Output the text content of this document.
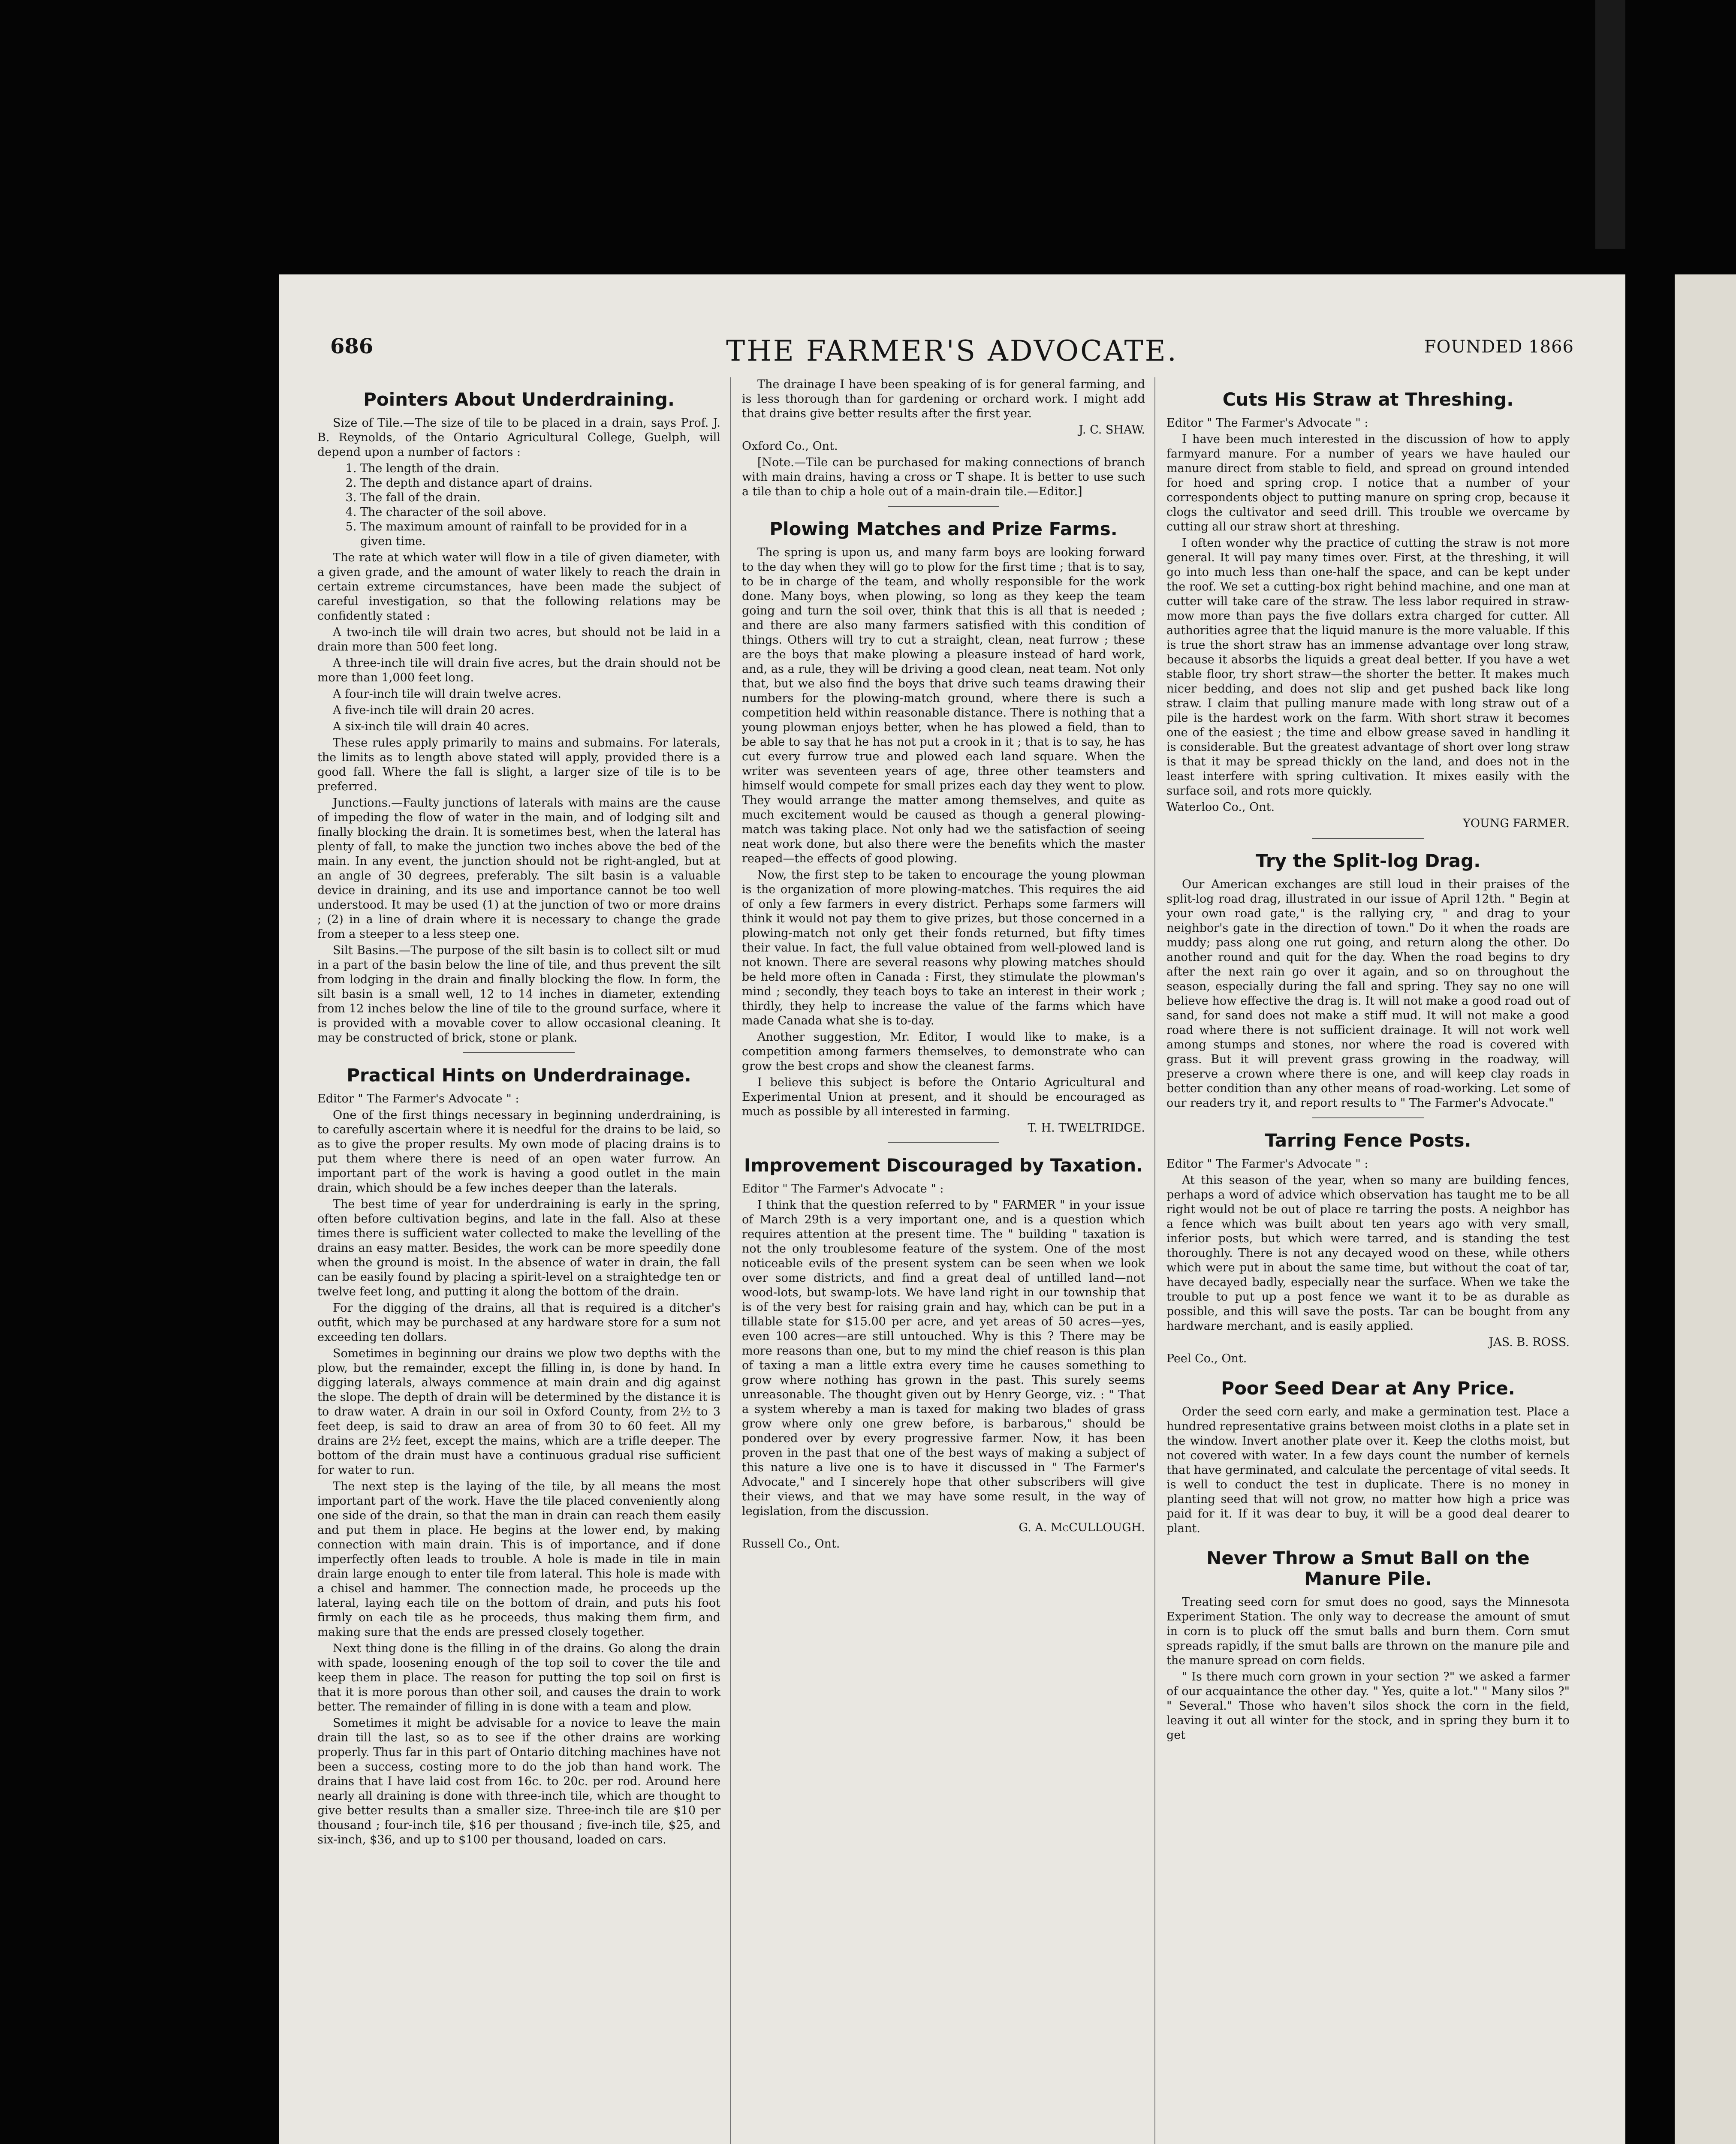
686	THE FARMER'S ADVOCATE.	FOUNDED 1866
Pointers About Underdraining.

Size of Tile.—The size of tile to be placed in a drain, says Prof. J. B. Reynolds, of the Ontario Agricultural College, Guelph, will depend upon a number of factors :

1. The length of the drain.
2. The depth and distance apart of drains.
3. The fall of the drain.
4. The character of the soil above.
5. The maximum amount of rainfall to be provided for in a given time.

The rate at which water will flow in a tile of given diameter, with a given grade, and the amount of water likely to reach the drain in certain extreme circumstances, have been made the subject of careful investigation, so that the following relations may be confidently stated :

A two-inch tile will drain two acres, but should not be laid in a drain more than 500 feet long.

A three-inch tile will drain five acres, but the drain should not be more than 1,000 feet long.

A four-inch tile will drain twelve acres.

A five-inch tile will drain 20 acres.

A six-inch tile will drain 40 acres.

These rules apply primarily to mains and submains. For laterals, the limits as to length above stated will apply, provided there is a good fall. Where the fall is slight, a larger size of tile is to be preferred.

Junctions.—Faulty junctions of laterals with mains are the cause of impeding the flow of water in the main, and of lodging silt and finally blocking the drain. It is sometimes best, when the lateral has plenty of fall, to make the junction two inches above the bed of the main. In any event, the junction should not be right-angled, but at an angle of 30 degrees, preferably. The silt basin is a valuable device in draining, and its use and importance cannot be too well understood. It may be used (1) at the junction of two or more drains ; (2) in a line of drain where it is necessary to change the grade from a steeper to a less steep one.

Silt Basins.—The purpose of the silt basin is to collect silt or mud in a part of the basin below the line of tile, and thus prevent the silt from lodging in the drain and finally blocking the flow. In form, the silt basin is a small well, 12 to 14 inches in diameter, extending from 12 inches below the line of tile to the ground surface, where it is provided with a movable cover to allow occasional cleaning. It may be constructed of brick, stone or plank.

Practical Hints on Underdrainage.

Editor " The Farmer's Advocate " :

One of the first things necessary in beginning underdraining, is to carefully ascertain where it is needful for the drains to be laid, so as to give the proper results. My own mode of placing drains is to put them where there is need of an open water furrow. An important part of the work is having a good outlet in the main drain, which should be a few inches deeper than the laterals.

The best time of year for underdraining is early in the spring, often before cultivation begins, and late in the fall. Also at these times there is sufficient water collected to make the levelling of the drains an easy matter. Besides, the work can be more speedily done when the ground is moist. In the absence of water in drain, the fall can be easily found by placing a spirit-level on a straightedge ten or twelve feet long, and putting it along the bottom of the drain.

For the digging of the drains, all that is required is a ditcher's outfit, which may be purchased at any hardware store for a sum not exceeding ten dollars.

Sometimes in beginning our drains we plow two depths with the plow, but the remainder, except the filling in, is done by hand. In digging laterals, always commence at main drain and dig against the slope. The depth of drain will be determined by the distance it is to draw water. A drain in our soil in Oxford County, from 2½ to 3 feet deep, is said to draw an area of from 30 to 60 feet. All my drains are 2½ feet, except the mains, which are a trifle deeper. The bottom of the drain must have a continuous gradual rise sufficient for water to run.

The next step is the laying of the tile, by all means the most important part of the work. Have the tile placed conveniently along one side of the drain, so that the man in drain can reach them easily and put them in place. He begins at the lower end, by making connection with main drain. This is of importance, and if done imperfectly often leads to trouble. A hole is made in tile in main drain large enough to enter tile from lateral. This hole is made with a chisel and hammer. The connection made, he proceeds up the lateral, laying each tile on the bottom of drain, and puts his foot firmly on each tile as he proceeds, thus making them firm, and making sure that the ends are pressed closely together.

Next thing done is the filling in of the drains. Go along the drain with spade, loosening enough of the top soil to cover the tile and keep them in place. The reason for putting the top soil on first is that it is more porous than other soil, and causes the drain to work better. The remainder of filling in is done with a team and plow.

Sometimes it might be advisable for a novice to leave the main drain till the last, so as to see if the other drains are working properly. Thus far in this part of Ontario ditching machines have not been a success, costing more to do the job than hand work. The drains that I have laid cost from 16c. to 20c. per rod. Around here nearly all draining is done with three-inch tile, which are thought to give better results than a smaller size. Three-inch tile are $10 per thousand ; four-inch tile, $16 per thousand ; five-inch tile, $25, and six-inch, $36, and up to $100 per thousand, loaded on cars.

The drainage I have been speaking of is for general farming, and is less thorough than for gardening or orchard work. I might add that drains give better results after the first year.

J. C. SHAW.

Oxford Co., Ont.

[Note.—Tile can be purchased for making connections of branch with main drains, having a cross or T shape. It is better to use such a tile than to chip a hole out of a main-drain tile.—Editor.]

Plowing Matches and Prize Farms.

The spring is upon us, and many farm boys are looking forward to the day when they will go to plow for the first time ; that is to say, to be in charge of the team, and wholly responsible for the work done. Many boys, when plowing, so long as they keep the team going and turn the soil over, think that this is all that is needed ; and there are also many farmers satisfied with this condition of things. Others will try to cut a straight, clean, neat furrow ; these are the boys that make plowing a pleasure instead of hard work, and, as a rule, they will be driving a good clean, neat team. Not only that, but we also find the boys that drive such teams drawing their numbers for the plowing-match ground, where there is such a competition held within reasonable distance. There is nothing that a young plowman enjoys better, when he has plowed a field, than to be able to say that he has not put a crook in it ; that is to say, he has cut every furrow true and plowed each land square. When the writer was seventeen years of age, three other teamsters and himself would compete for small prizes each day they went to plow. They would arrange the matter among themselves, and quite as much excitement would be caused as though a general plowing-match was taking place. Not only had we the satisfaction of seeing neat work done, but also there were the benefits which the master reaped—the effects of good plowing.

Now, the first step to be taken to encourage the young plowman is the organization of more plowing-matches. This requires the aid of only a few farmers in every district. Perhaps some farmers will think it would not pay them to give prizes, but those concerned in a plowing-match not only get their fonds returned, but fifty times their value. In fact, the full value obtained from well-plowed land is not known. There are several reasons why plowing matches should be held more often in Canada : First, they stimulate the plowman's mind ; secondly, they teach boys to take an interest in their work ; thirdly, they help to increase the value of the farms which have made Canada what she is to-day.

Another suggestion, Mr. Editor, I would like to make, is a competition among farmers themselves, to demonstrate who can grow the best crops and show the cleanest farms.

I believe this subject is before the Ontario Agricultural and Experimental Union at present, and it should be encouraged as much as possible by all interested in farming.

T. H. TWELTRIDGE.

Improvement Discouraged by Taxation.

Editor " The Farmer's Advocate " :

I think that the question referred to by " FARMER " in your issue of March 29th is a very important one, and is a question which requires attention at the present time. The " building " taxation is not the only troublesome feature of the system. One of the most noticeable evils of the present system can be seen when we look over some districts, and find a great deal of untilled land—not wood-lots, but swamp-lots. We have land right in our township that is of the very best for raising grain and hay, which can be put in a tillable state for $15.00 per acre, and yet areas of 50 acres—yes, even 100 acres—are still untouched. Why is this ? There may be more reasons than one, but to my mind the chief reason is this plan of taxing a man a little extra every time he causes something to grow where nothing has grown in the past. This surely seems unreasonable. The thought given out by Henry George, viz. : " That a system whereby a man is taxed for making two blades of grass grow where only one grew before, is barbarous," should be pondered over by every progressive farmer. Now, it has been proven in the past that one of the best ways of making a subject of this nature a live one is to have it discussed in " The Farmer's Advocate," and I sincerely hope that other subscribers will give their views, and that we may have some result, in the way of legislation, from the discussion.

G. A. McCULLOUGH.

Russell Co., Ont.

Cuts His Straw at Threshing.

Editor " The Farmer's Advocate " :

I have been much interested in the discussion of how to apply farmyard manure. For a number of years we have hauled our manure direct from stable to field, and spread on ground intended for hoed and spring crop. I notice that a number of your correspondents object to putting manure on spring crop, because it clogs the cultivator and seed drill. This trouble we overcame by cutting all our straw short at threshing.

I often wonder why the practice of cutting the straw is not more general. It will pay many times over. First, at the threshing, it will go into much less than one-half the space, and can be kept under the roof. We set a cutting-box right behind machine, and one man at cutter will take care of the straw. The less labor required in straw-mow more than pays the five dollars extra charged for cutter. All authorities agree that the liquid manure is the more valuable. If this is true the short straw has an immense advantage over long straw, because it absorbs the liquids a great deal better. If you have a wet stable floor, try short straw—the shorter the better. It makes much nicer bedding, and does not slip and get pushed back like long straw. I claim that pulling manure made with long straw out of a pile is the hardest work on the farm. With short straw it becomes one of the easiest ; the time and elbow grease saved in handling it is considerable. But the greatest advantage of short over long straw is that it may be spread thickly on the land, and does not in the least interfere with spring cultivation. It mixes easily with the surface soil, and rots more quickly.

Waterloo Co., Ont.

YOUNG FARMER.

Try the Split-log Drag.

Our American exchanges are still loud in their praises of the split-log road drag, illustrated in our issue of April 12th. " Begin at your own road gate," is the rallying cry, " and drag to your neighbor's gate in the direction of town." Do it when the roads are muddy; pass along one rut going, and return along the other. Do another round and quit for the day. When the road begins to dry after the next rain go over it again, and so on throughout the season, especially during the fall and spring. They say no one will believe how effective the drag is. It will not make a good road out of sand, for sand does not make a stiff mud. It will not make a good road where there is not sufficient drainage. It will not work well among stumps and stones, nor where the road is covered with grass. But it will prevent grass growing in the roadway, will preserve a crown where there is one, and will keep clay roads in better condition than any other means of road-working. Let some of our readers try it, and report results to " The Farmer's Advocate."

Tarring Fence Posts.

Editor " The Farmer's Advocate " :

At this season of the year, when so many are building fences, perhaps a word of advice which observation has taught me to be all right would not be out of place re tarring the posts. A neighbor has a fence which was built about ten years ago with very small, inferior posts, but which were tarred, and is standing the test thoroughly. There is not any decayed wood on these, while others which were put in about the same time, but without the coat of tar, have decayed badly, especially near the surface. When we take the trouble to put up a post fence we want it to be as durable as possible, and this will save the posts. Tar can be bought from any hardware merchant, and is easily applied.

JAS. B. ROSS.

Peel Co., Ont.

Poor Seed Dear at Any Price.

Order the seed corn early, and make a germination test. Place a hundred representative grains between moist cloths in a plate set in the window. Invert another plate over it. Keep the cloths moist, but not covered with water. In a few days count the number of kernels that have germinated, and calculate the percentage of vital seeds. It is well to conduct the test in duplicate. There is no money in planting seed that will not grow, no matter how high a price was paid for it. If it was dear to buy, it will be a good deal dearer to plant.

Never Throw a Smut Ball on the Manure Pile.

Treating seed corn for smut does no good, says the Minnesota Experiment Station. The only way to decrease the amount of smut in corn is to pluck off the smut balls and burn them. Corn smut spreads rapidly, if the smut balls are thrown on the manure pile and the manure spread on corn fields.

" Is there much corn grown in your section ?" we asked a farmer of our acquaintance the other day. " Yes, quite a lot." " Many silos ?" " Several." Those who haven't silos shock the corn in the field, leaving it out all winter for the stock, and in spring they burn it to get
